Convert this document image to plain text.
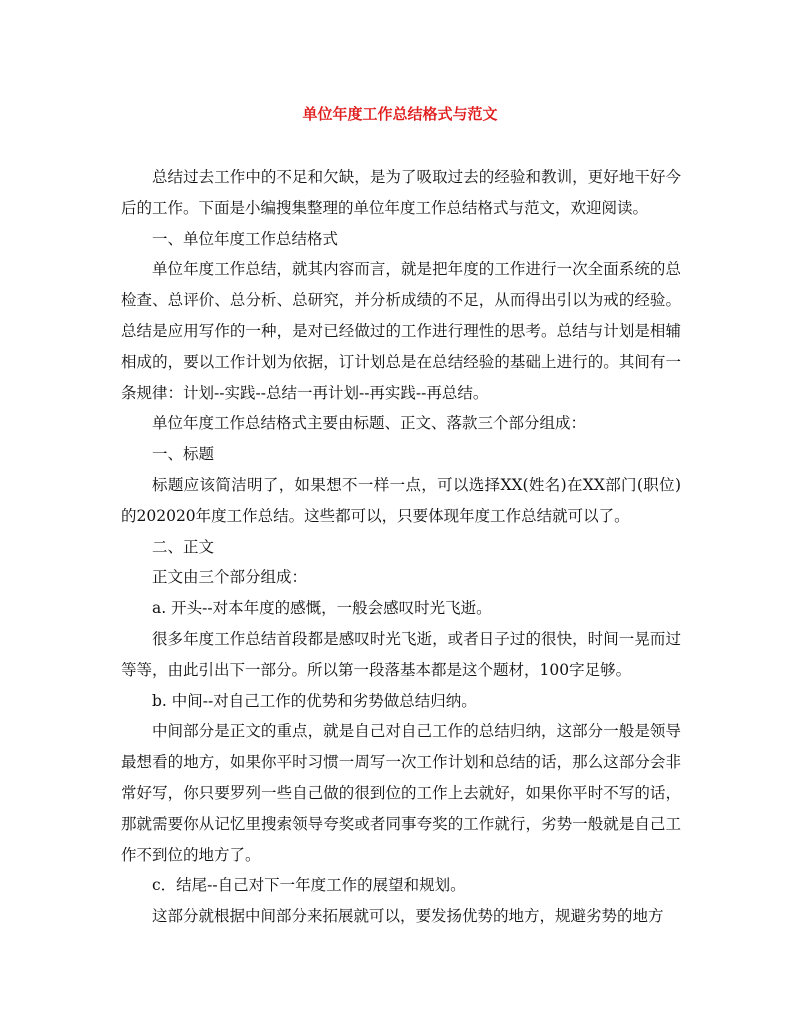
单位年度工作总结格式与范文

总结过去工作中的不足和欠缺，是为了吸取过去的经验和教训，更好地干好今后的工作。下面是小编搜集整理的单位年度工作总结格式与范文，欢迎阅读。

一、单位年度工作总结格式

单位年度工作总结，就其内容而言，就是把年度的工作进行一次全面系统的总检查、总评价、总分析、总研究，并分析成绩的不足，从而得出引以为戒的经验。总结是应用写作的一种，是对已经做过的工作进行理性的思考。总结与计划是相辅相成的，要以工作计划为依据，订计划总是在总结经验的基础上进行的。其间有一条规律：计划--实践--总结一再计划--再实践--再总结。

单位年度工作总结格式主要由标题、正文、落款三个部分组成：

一、标题

标题应该简洁明了，如果想不一样一点，可以选择XX(姓名)在XX部门(职位)的202020年度工作总结。这些都可以，只要体现年度工作总结就可以了。

二、正文

正文由三个部分组成：

a. 开头--对本年度的感慨，一般会感叹时光飞逝。

很多年度工作总结首段都是感叹时光飞逝，或者日子过的很快，时间一晃而过等等，由此引出下一部分。所以第一段落基本都是这个题材，100字足够。

b. 中间--对自己工作的优势和劣势做总结归纳。

中间部分是正文的重点，就是自己对自己工作的总结归纳，这部分一般是领导最想看的地方，如果你平时习惯一周写一次工作计划和总结的话，那么这部分会非常好写，你只要罗列一些自己做的很到位的工作上去就好，如果你平时不写的话，那就需要你从记忆里搜索领导夸奖或者同事夸奖的工作就行，劣势一般就是自己工作不到位的地方了。

c．结尾--自己对下一年度工作的展望和规划。

这部分就根据中间部分来拓展就可以，要发扬优势的地方，规避劣势的地方
